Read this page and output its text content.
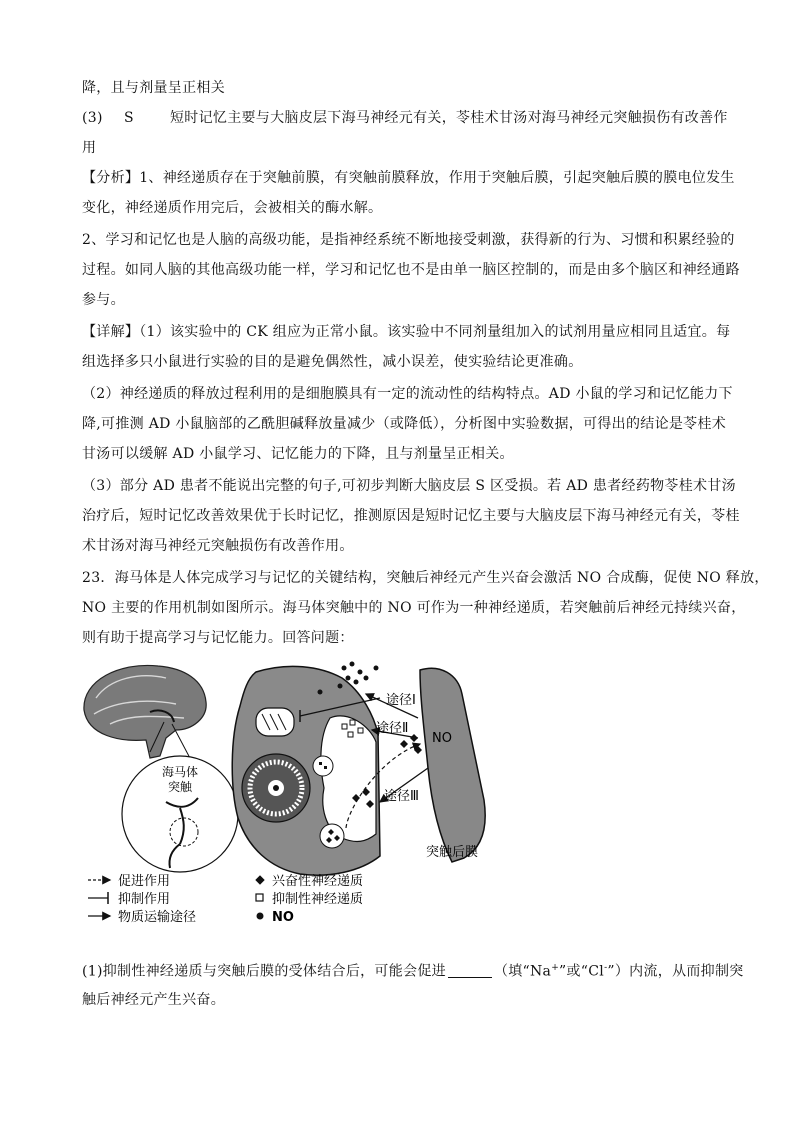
降，且与剂量呈正相关
(3) S	短时记忆主要与大脑皮层下海马神经元有关，苓桂术甘汤对海马神经元突触损伤有改善作
用
【分析】1、神经递质存在于突触前膜，有突触前膜释放，作用于突触后膜，引起突触后膜的膜电位发生
变化，神经递质作用完后，会被相关的酶水解。
2、学习和记忆也是人脑的高级功能，是指神经系统不断地接受刺激，获得新的行为、习惯和积累经验的
过程。如同人脑的其他高级功能一样，学习和记忆也不是由单一脑区控制的，而是由多个脑区和神经通路
参与。
【详解】（1）该实验中的 CK 组应为正常小鼠。该实验中不同剂量组加入的试剂用量应相同且适宜。每
组选择多只小鼠进行实验的目的是避免偶然性，减小误差，使实验结论更准确。
（2）神经递质的释放过程利用的是细胞膜具有一定的流动性的结构特点。AD 小鼠的学习和记忆能力下
降,可推测 AD 小鼠脑部的乙酰胆碱释放量减少（或降低），分析图中实验数据，可得出的结论是苓桂术
甘汤可以缓解 AD 小鼠学习、记忆能力的下降，且与剂量呈正相关。
（3）部分 AD 患者不能说出完整的句子,可初步判断大脑皮层 S 区受损。若 AD 患者经药物苓桂术甘汤
治疗后，短时记忆改善效果优于长时记忆，推测原因是短时记忆主要与大脑皮层下海马神经元有关，苓桂
术甘汤对海马神经元突触损伤有改善作用。
23．海马体是人体完成学习与记忆的关键结构，突触后神经元产生兴奋会激活 NO 合成酶，促使 NO 释放，
NO 主要的作用机制如图所示。海马体突触中的 NO 可作为一种神经递质，若突触前后神经元持续兴奋，
则有助于提高学习与记忆能力。回答问题：
海马体
突触
途径Ⅰ
途径Ⅱ
NO
途径Ⅲ
突触后膜
促进作用
抑制作用
物质运输途径
兴奋性神经递质
抑制性神经递质
NO
(1)抑制性神经递质与突触后膜的受体结合后，可能会促进	（填“Na+”或“Cl-”）内流，从而抑制突
触后神经元产生兴奋。
